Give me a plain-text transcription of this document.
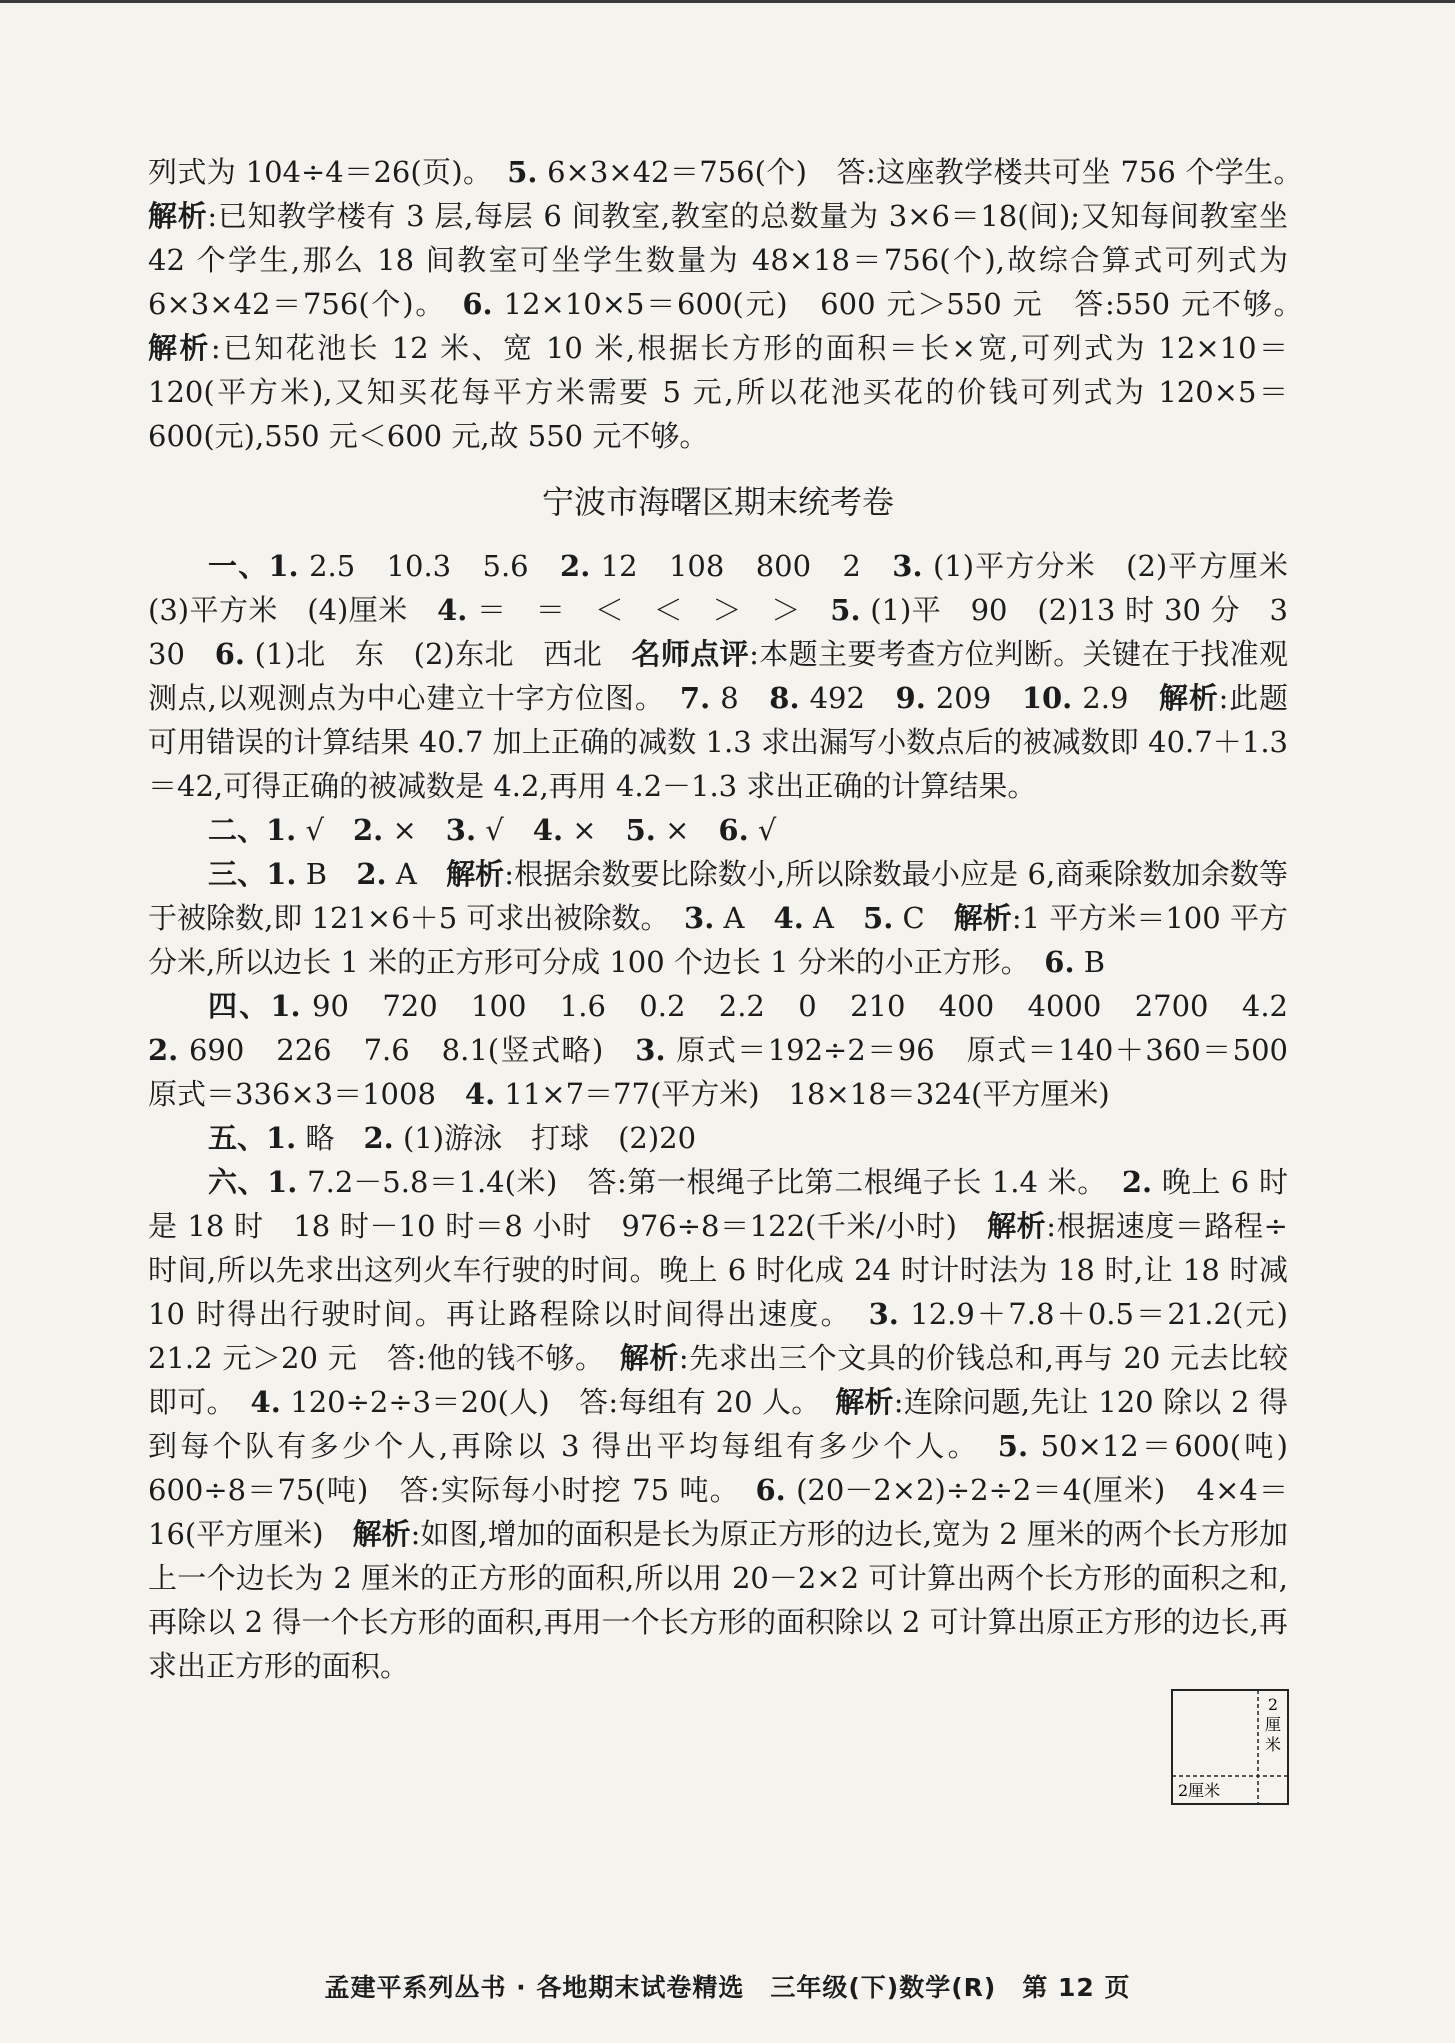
列式为 104÷4＝26(页)。　5. 6×3×42＝756(个)　答:这座教学楼共可坐 756 个学生。　解析:已知教学楼有 3 层,每层 6 间教室,教室的总数量为 3×6＝18(间);又知每间教室坐 42 个学生,那么 18 间教室可坐学生数量为 48×18＝756(个),故综合算式可列式为 6×3×42＝756(个)。　6. 12×10×5＝600(元)　600 元＞550 元　答:550 元不够。　解析:已知花池长 12 米、宽 10 米,根据长方形的面积＝长×宽,可列式为 12×10＝120(平方米),又知买花每平方米需要 5 元,所以花池买花的价钱可列式为 120×5＝600(元),550 元＜600 元,故 550 元不够。

宁波市海曙区期末统考卷

一、1. 2.5　10.3　5.6　2. 12　108　800　2　3. (1)平方分米　(2)平方厘米　(3)平方米　(4)厘米　4. ＝　＝　＜　＜　＞　＞　5. (1)平　90　(2)13 时 30 分　3　30　6. (1)北　东　(2)东北　西北　名师点评:本题主要考查方位判断。关键在于找准观测点,以观测点为中心建立十字方位图。　7. 8　8. 492　9. 209　10. 2.9　解析:此题可用错误的计算结果 40.7 加上正确的减数 1.3 求出漏写小数点后的被减数即 40.7＋1.3＝42,可得正确的被减数是 4.2,再用 4.2－1.3 求出正确的计算结果。

二、1. √　2. ×　3. √　4. ×　5. ×　6. √

三、1. B　2. A　解析:根据余数要比除数小,所以除数最小应是 6,商乘除数加余数等于被除数,即 121×6＋5 可求出被除数。　3. A　4. A　5. C　解析:1 平方米＝100 平方分米,所以边长 1 米的正方形可分成 100 个边长 1 分米的小正方形。　6. B

四、1. 90　720　100　1.6　0.2　2.2　0　210　400　4000　2700　4.2　2. 690　226　7.6　8.1(竖式略)　3. 原式＝192÷2＝96　原式＝140＋360＝500　原式＝336×3＝1008　4. 11×7＝77(平方米)　18×18＝324(平方厘米)

五、1. 略　2. (1)游泳　打球　(2)20

六、1. 7.2－5.8＝1.4(米)　答:第一根绳子比第二根绳子长 1.4 米。　2. 晚上 6 时是 18 时　18 时－10 时＝8 小时　976÷8＝122(千米/小时)　解析:根据速度＝路程÷时间,所以先求出这列火车行驶的时间。晚上 6 时化成 24 时计时法为 18 时,让 18 时减 10 时得出行驶时间。再让路程除以时间得出速度。　3. 12.9＋7.8＋0.5＝21.2(元)　21.2 元＞20 元　答:他的钱不够。　解析:先求出三个文具的价钱总和,再与 20 元去比较即可。　4. 120÷2÷3＝20(人)　答:每组有 20 人。　解析:连除问题,先让 120 除以 2 得到每个队有多少个人,再除以 3 得出平均每组有多少个人。　5. 50×12＝600(吨)　600÷8＝75(吨)　答:实际每小时挖 75 吨。　6. (20－2×2)÷2÷2＝4(厘米)　4×4＝16(平方厘米)　解析:如图,增加的面积是长为原正方形的边长,宽为 2 厘米的两个长方形加上一个边长为 2 厘米的正方形的面积,所以用 20－2×2 可计算出两个长方形的面积之和,再除以 2 得一个长方形的面积,再用一个长方形的面积除以 2 可计算出原正方形的边长,再求出正方形的面积。

2
厘
米
2厘米
孟建平系列丛书 · 各地期末试卷精选　三年级(下)数学(R)　第 12 页
